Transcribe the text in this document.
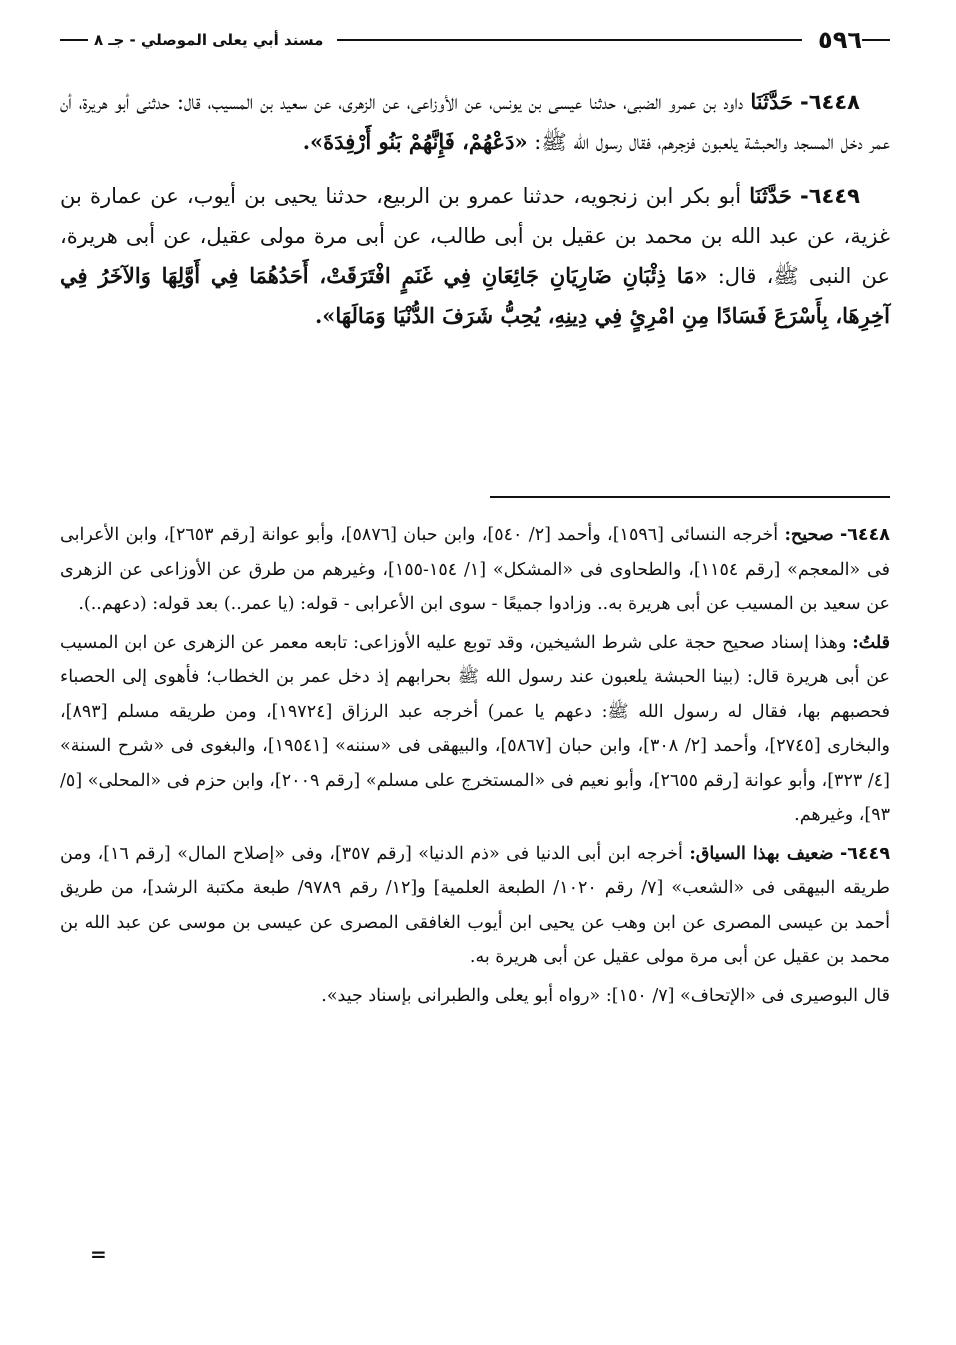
٥٩٦
مسند أبي يعلى الموصلي - جـ ٨

٦٤٤٨- حَدَّثَنَا داود بن عمرو الضبى، حدثنا عيسى بن يونس، عن الأوزاعى، عن الزهرى، عن سعيد بن المسيب، قال: حدثنى أبو هريرة، أن عمر دخل المسجد والحبشة يلعبون فزجرهم، فقال رسول الله ﷺ: «دَعْهُمْ، فَإِنَّهُمْ بَنُو أَرْفِدَةَ».

٦٤٤٩- حَدَّثَنَا أبو بكر ابن زنجويه، حدثنا عمرو بن الربيع، حدثنا يحيى بن أيوب، عن عمارة بن غزية، عن عبد الله بن محمد بن عقيل بن أبى طالب، عن أبى مرة مولى عقيل، عن أبى هريرة، عن النبى ﷺ، قال: «مَا ذِئْبَانِ ضَارِيَانِ جَائِعَانِ فِي غَنَمٍ افْتَرَقَتْ، أَحَدُهُمَا فِي أَوَّلِهَا وَالآخَرُ فِي آخِرِهَا، بِأَسْرَعَ فَسَادًا مِنِ امْرِئٍ فِي دِينِهِ، يُحِبُّ شَرَفَ الدُّنْيَا وَمَالَهَا».

٦٤٤٨- صحيح: أخرجه النسائى [١٥٩٦]، وأحمد [٢/ ٥٤٠]، وابن حبان [٥٨٧٦]، وأبو عوانة [رقم ٢٦٥٣]، وابن الأعرابى فى «المعجم» [رقم ١١٥٤]، والطحاوى فى «المشكل» [١/ ١٥٤-١٥٥]، وغيرهم من طرق عن الأوزاعى عن الزهرى عن سعيد بن المسيب عن أبى هريرة به.. وزادوا جميعًا - سوى ابن الأعرابى - قوله: (يا عمر..) بعد قوله: (دعهم..).

قلتُ: وهذا إسناد صحيح حجة على شرط الشيخين، وقد توبع عليه الأوزاعى: تابعه معمر عن الزهرى عن ابن المسيب عن أبى هريرة قال: (بينا الحبشة يلعبون عند رسول الله ﷺ بحرابهم إذ دخل عمر بن الخطاب؛ فأهوى إلى الحصباء فحصبهم بها، فقال له رسول الله ﷺ: دعهم يا عمر) أخرجه عبد الرزاق [١٩٧٢٤]، ومن طريقه مسلم [٨٩٣]، والبخارى [٢٧٤٥]، وأحمد [٢/ ٣٠٨]، وابن حبان [٥٨٦٧]، والبيهقى فى «سننه» [١٩٥٤١]، والبغوى فى «شرح السنة» [٤/ ٣٢٣]، وأبو عوانة [رقم ٢٦٥٥]، وأبو نعيم فى «المستخرج على مسلم» [رقم ٢٠٠٩]، وابن حزم فى «المحلى» [٥/ ٩٣]، وغيرهم.

٦٤٤٩- ضعيف بهذا السياق: أخرجه ابن أبى الدنيا فى «ذم الدنيا» [رقم ٣٥٧]، وفى «إصلاح المال» [رقم ١٦]، ومن طريقه البيهقى فى «الشعب» [٧/ رقم ١٠٢٠/ الطبعة العلمية] و[١٢/ رقم ٩٧٨٩/ طبعة مكتبة الرشد]، من طريق أحمد بن عيسى المصرى عن ابن وهب عن يحيى ابن أيوب الغافقى المصرى عن عيسى بن موسى عن عبد الله بن محمد بن عقيل عن أبى مرة مولى عقيل عن أبى هريرة به.

قال البوصيرى فى «الإتحاف» [٧/ ١٥٠]: «رواه أبو يعلى والطبرانى بإسناد جيد».

=
